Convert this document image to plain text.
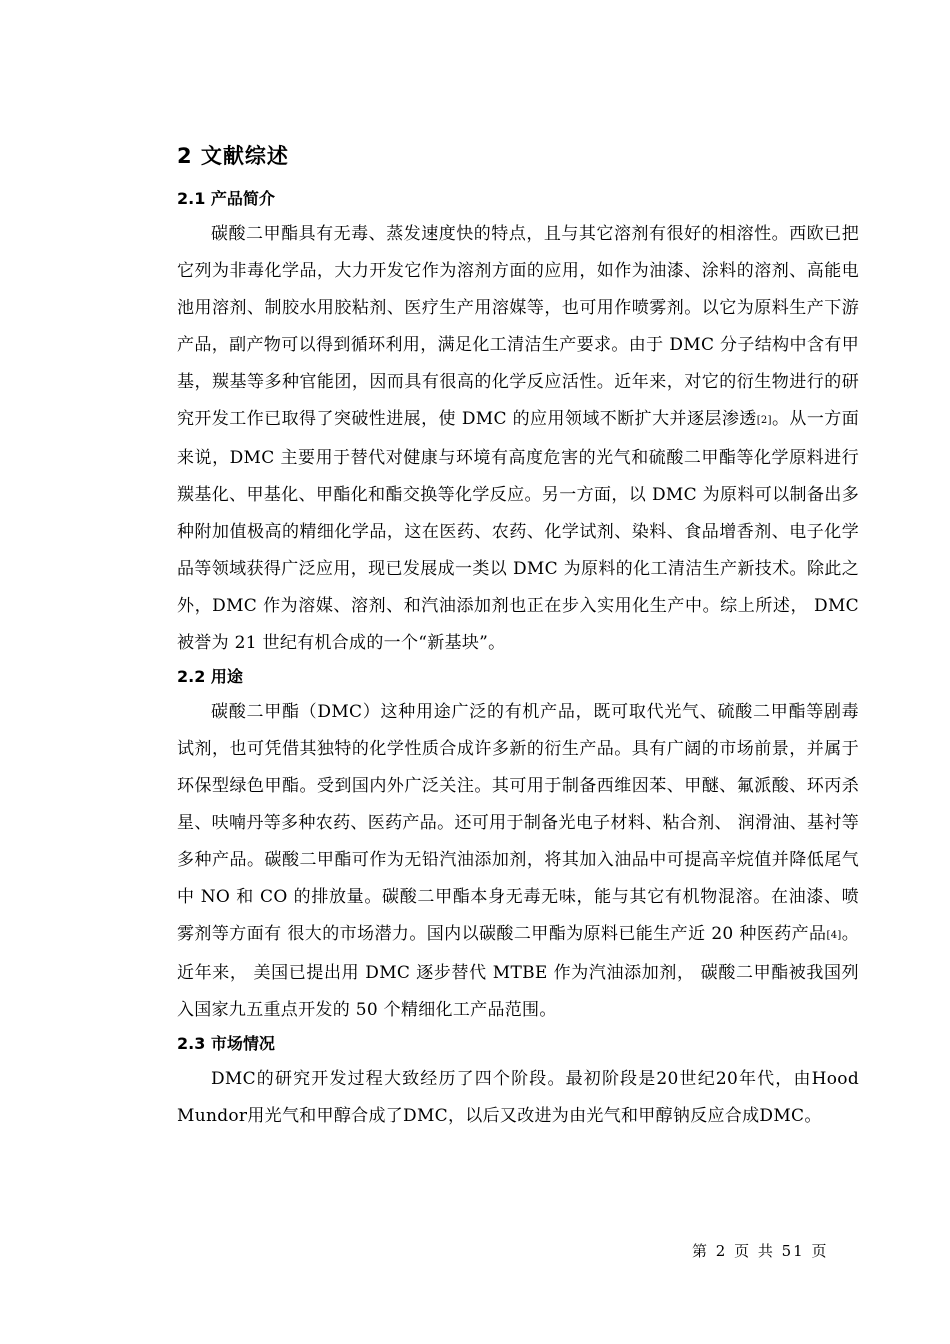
2 文献综述
2.1 产品简介

碳酸二甲酯具有无毒、蒸发速度快的特点，且与其它溶剂有很好的相溶性。西欧已把它列为非毒化学品，大力开发它作为溶剂方面的应用，如作为油漆、涂料的溶剂、高能电池用溶剂、制胶水用胶粘剂、医疗生产用溶媒等，也可用作喷雾剂。以它为原料生产下游产品，副产物可以得到循环利用，满足化工清洁生产要求。由于 DMC 分子结构中含有甲基，羰基等多种官能团，因而具有很高的化学反应活性。近年来，对它的衍生物进行的研究开发工作已取得了突破性进展，使 DMC 的应用领域不断扩大并逐层渗透[2]。从一方面来说，DMC 主要用于替代对健康与环境有高度危害的光气和硫酸二甲酯等化学原料进行羰基化、甲基化、甲酯化和酯交换等化学反应。另一方面，以 DMC 为原料可以制备出多种附加值极高的精细化学品，这在医药、农药、化学试剂、染料、食品增香剂、电子化学品等领域获得广泛应用，现已发展成一类以 DMC 为原料的化工清洁生产新技术。除此之外，DMC 作为溶媒、溶剂、和汽油添加剂也正在步入实用化生产中。综上所述， DMC 被誉为 21 世纪有机合成的一个“新基块”。

2.2 用途

碳酸二甲酯（DMC）这种用途广泛的有机产品，既可取代光气、硫酸二甲酯等剧毒试剂，也可凭借其独特的化学性质合成许多新的衍生产品。具有广阔的市场前景，并属于环保型绿色甲酯。受到国内外广泛关注。其可用于制备西维因苯、甲醚、氟派酸、环丙杀星、呋喃丹等多种农药、医药产品。还可用于制备光电子材料、粘合剂、 润滑油、基衬等多种产品。碳酸二甲酯可作为无铅汽油添加剂，将其加入油品中可提高辛烷值并降低尾气中 NO 和 CO 的排放量。碳酸二甲酯本身无毒无味，能与其它有机物混溶。在油漆、喷雾剂等方面有 很大的市场潜力。国内以碳酸二甲酯为原料已能生产近 20 种医药产品[4]。近年来， 美国已提出用 DMC 逐步替代 MTBE 作为汽油添加剂， 碳酸二甲酯被我国列入国家九五重点开发的 50 个精细化工产品范围。

2.3 市场情况

DMC的研究开发过程大致经历了四个阶段。最初阶段是20世纪20年代，由Hood Mundor用光气和甲醇合成了DMC，以后又改进为由光气和甲醇钠反应合成DMC。

第 2 页 共 51 页
